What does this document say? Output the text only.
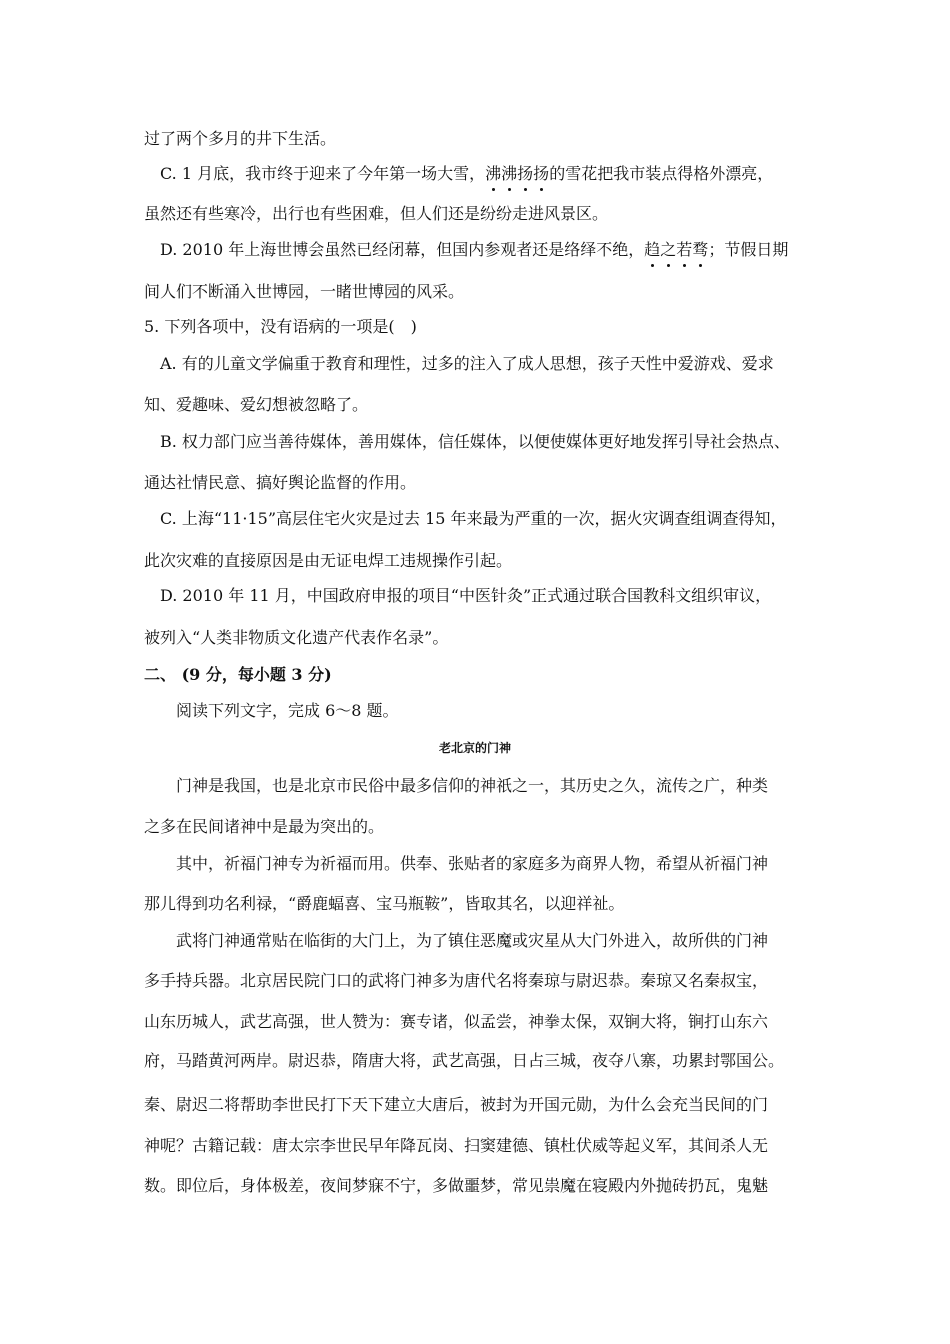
过了两个多月的井下生活。
C. 1 月底，我市终于迎来了今年第一场大雪，沸沸扬扬的雪花把我市装点得格外漂亮，
虽然还有些寒冷，出行也有些困难，但人们还是纷纷走进风景区。
D. 2010 年上海世博会虽然已经闭幕，但国内参观者还是络绎不绝，趋之若骛；节假日期
间人们不断涌入世博园，一睹世博园的风采。
5. 下列各项中，没有语病的一项是(　)
A. 有的儿童文学偏重于教育和理性，过多的注入了成人思想，孩子天性中爱游戏、爱求
知、爱趣味、爱幻想被忽略了。
B. 权力部门应当善待媒体，善用媒体，信任媒体，以便使媒体更好地发挥引导社会热点、
通达社情民意、搞好舆论监督的作用。
C. 上海“11·15”高层住宅火灾是过去 15 年来最为严重的一次，据火灾调查组调查得知，
此次灾难的直接原因是由无证电焊工违规操作引起。
D. 2010 年 11 月，中国政府申报的项目“中医针灸”正式通过联合国教科文组织审议，
被列入“人类非物质文化遗产代表作名录”。
二、 (9 分，每小题 3 分)
阅读下列文字，完成 6～8 题。
老北京的门神
门神是我国，也是北京市民俗中最多信仰的神祇之一，其历史之久，流传之广，种类
之多在民间诸神中是最为突出的。
其中，祈福门神专为祈福而用。供奉、张贴者的家庭多为商界人物，希望从祈福门神
那儿得到功名利禄，“爵鹿蝠喜、宝马瓶鞍”，皆取其名，以迎祥祉。
武将门神通常贴在临街的大门上，为了镇住恶魔或灾星从大门外进入，故所供的门神
多手持兵器。北京居民院门口的武将门神多为唐代名将秦琼与尉迟恭。秦琼又名秦叔宝，
山东历城人，武艺高强，世人赞为：赛专诸，似孟尝，神拳太保，双锏大将，锏打山东六
府，马踏黄河两岸。尉迟恭，隋唐大将，武艺高强，日占三城，夜夺八寨，功累封鄂国公。
秦、尉迟二将帮助李世民打下天下建立大唐后，被封为开国元勋，为什么会充当民间的门
神呢？古籍记载：唐太宗李世民早年降瓦岗、扫窦建德、镇杜伏威等起义军，其间杀人无
数。即位后，身体极差，夜间梦寐不宁，多做噩梦，常见祟魔在寝殿内外抛砖扔瓦，鬼魅
